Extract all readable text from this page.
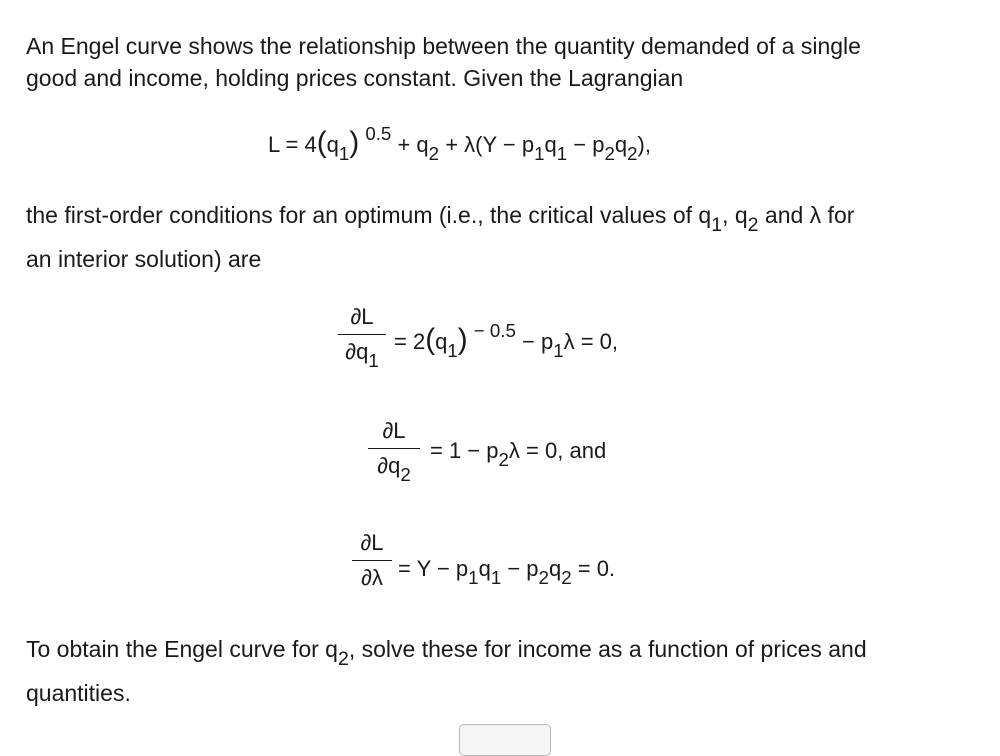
An Engel curve shows the relationship between the quantity demanded of a single
good and income, holding prices constant. Given the Lagrangian
$L = 4(q_1) ^{0.5} + q_2 + \lambda(Y - p_1q_1 - p_2q_2)$,
the first-order conditions for an optimum (i.e., the critical values of $q_1$, $q_2$ and λ for
an interior solution) are
∂L
$\partial q_1$
= $2(q_1) ^{- 0.5} - p_1\lambda = 0$,
∂L
$\partial q_2$
= $1 - p_2\lambda = 0$, and
∂L
$\partial\lambda = Y - p_1q_1 - p_2q_2 = 0$.
To obtain the Engel curve for $q_2$, solve these for income as a function of prices and
quantities.
